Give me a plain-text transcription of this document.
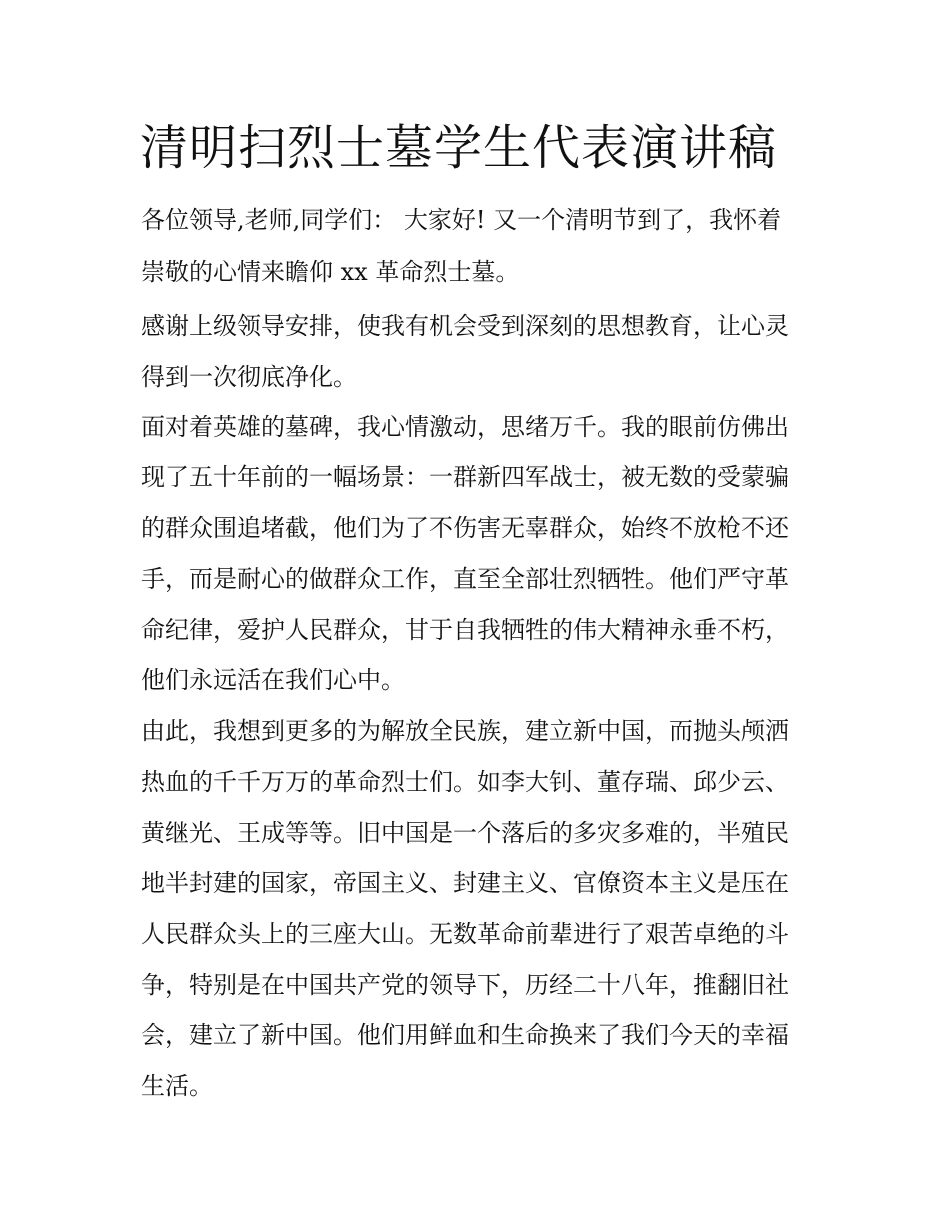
清明扫烈士墓学生代表演讲稿

各位领导,老师,同学们： 大家好! 又一个清明节到了，我怀着

崇敬的心情来瞻仰 xx 革命烈士墓。

感谢上级领导安排，使我有机会受到深刻的思想教育，让心灵

得到一次彻底净化。

面对着英雄的墓碑，我心情激动，思绪万千。我的眼前仿佛出

现了五十年前的一幅场景：一群新四军战士，被无数的受蒙骗

的群众围追堵截，他们为了不伤害无辜群众，始终不放枪不还

手，而是耐心的做群众工作，直至全部壮烈牺牲。他们严守革

命纪律，爱护人民群众，甘于自我牺牲的伟大精神永垂不朽，

他们永远活在我们心中。

由此，我想到更多的为解放全民族，建立新中国，而抛头颅洒

热血的千千万万的革命烈士们。如李大钊、董存瑞、邱少云、

黄继光、王成等等。旧中国是一个落后的多灾多难的，半殖民

地半封建的国家，帝国主义、封建主义、官僚资本主义是压在

人民群众头上的三座大山。无数革命前辈进行了艰苦卓绝的斗

争，特别是在中国共产党的领导下，历经二十八年，推翻旧社

会，建立了新中国。他们用鲜血和生命换来了我们今天的幸福

生活。
